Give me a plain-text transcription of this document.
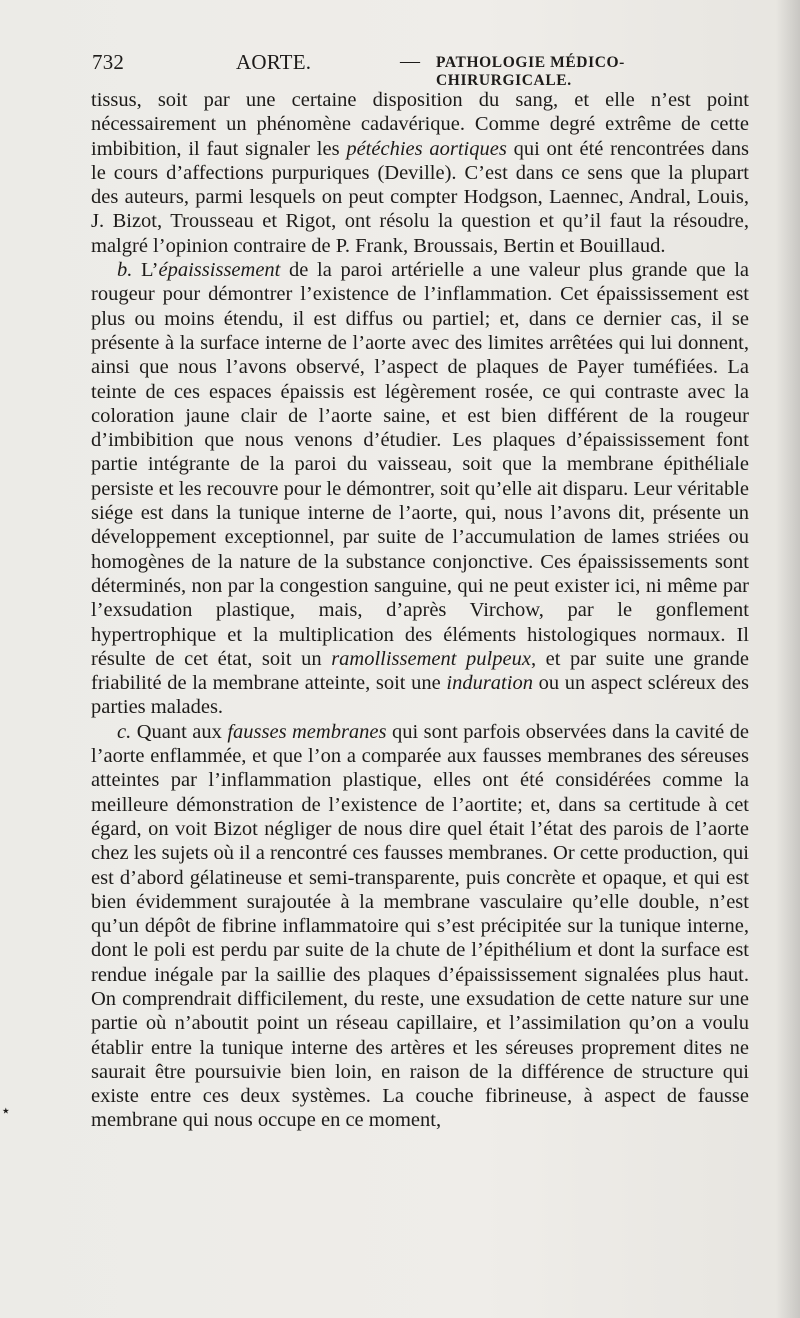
732	AORTE.	— PATHOLOGIE MÉDICO-CHIRURGICALE.

tissus, soit par une certaine disposition du sang, et elle n’est point nécessairement un phénomène cadavérique. Comme degré extrême de cette imbibition, il faut signaler les pétéchies aortiques qui ont été rencontrées dans le cours d’affections purpuriques (Deville). C’est dans ce sens que la plupart des auteurs, parmi lesquels on peut compter Hodgson, Laennec, Andral, Louis, J. Bizot, Trousseau et Rigot, ont résolu la question et qu’il faut la résoudre, malgré l’opinion contraire de P. Frank, Broussais, Bertin et Bouillaud.

b. L’épaississement de la paroi artérielle a une valeur plus grande que la rougeur pour démontrer l’existence de l’inflammation. Cet épaississement est plus ou moins étendu, il est diffus ou partiel; et, dans ce dernier cas, il se présente à la surface interne de l’aorte avec des limites arrêtées qui lui donnent, ainsi que nous l’avons observé, l’aspect de plaques de Payer tuméfiées. La teinte de ces espaces épaissis est légèrement rosée, ce qui contraste avec la coloration jaune clair de l’aorte saine, et est bien différent de la rougeur d’imbibition que nous venons d’étudier. Les plaques d’épaississement font partie intégrante de la paroi du vaisseau, soit que la membrane épithéliale persiste et les recouvre pour le démontrer, soit qu’elle ait disparu. Leur véritable siége est dans la tunique interne de l’aorte, qui, nous l’avons dit, présente un développement exceptionnel, par suite de l’accumulation de lames striées ou homogènes de la nature de la substance conjonctive. Ces épaississements sont déterminés, non par la congestion sanguine, qui ne peut exister ici, ni même par l’exsudation plastique, mais, d’après Virchow, par le gonflement hypertrophique et la multiplication des éléments histologiques normaux. Il résulte de cet état, soit un ramollissement pulpeux, et par suite une grande friabilité de la membrane atteinte, soit une induration ou un aspect scléreux des parties malades.

c. Quant aux fausses membranes qui sont parfois observées dans la cavité de l’aorte enflammée, et que l’on a comparée aux fausses membranes des séreuses atteintes par l’inflammation plastique, elles ont été considérées comme la meilleure démonstration de l’existence de l’aortite; et, dans sa certitude à cet égard, on voit Bizot négliger de nous dire quel était l’état des parois de l’aorte chez les sujets où il a rencontré ces fausses membranes. Or cette production, qui est d’abord gélatineuse et semi-transparente, puis concrète et opaque, et qui est bien évidemment surajoutée à la membrane vasculaire qu’elle double, n’est qu’un dépôt de fibrine inflammatoire qui s’est précipitée sur la tunique interne, dont le poli est perdu par suite de la chute de l’épithélium et dont la surface est rendue inégale par la saillie des plaques d’épaississement signalées plus haut. On comprendrait difficilement, du reste, une exsudation de cette nature sur une partie où n’aboutit point un réseau capillaire, et l’assimilation qu’on a voulu établir entre la tunique interne des artères et les séreuses proprement dites ne saurait être poursuivie bien loin, en raison de la différence de structure qui existe entre ces deux systèmes. La couche fibrineuse, à aspect de fausse membrane qui nous occupe en ce moment,

٭
